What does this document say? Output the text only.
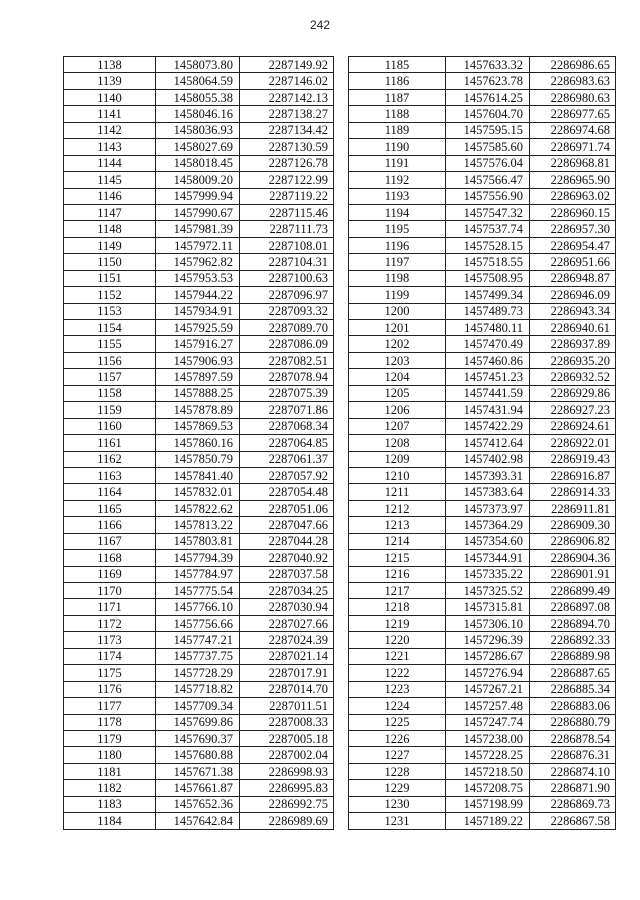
242
1138	1458073.80	2287149.92
1139	1458064.59	2287146.02
1140	1458055.38	2287142.13
1141	1458046.16	2287138.27
1142	1458036.93	2287134.42
1143	1458027.69	2287130.59
1144	1458018.45	2287126.78
1145	1458009.20	2287122.99
1146	1457999.94	2287119.22
1147	1457990.67	2287115.46
1148	1457981.39	2287111.73
1149	1457972.11	2287108.01
1150	1457962.82	2287104.31
1151	1457953.53	2287100.63
1152	1457944.22	2287096.97
1153	1457934.91	2287093.32
1154	1457925.59	2287089.70
1155	1457916.27	2287086.09
1156	1457906.93	2287082.51
1157	1457897.59	2287078.94
1158	1457888.25	2287075.39
1159	1457878.89	2287071.86
1160	1457869.53	2287068.34
1161	1457860.16	2287064.85
1162	1457850.79	2287061.37
1163	1457841.40	2287057.92
1164	1457832.01	2287054.48
1165	1457822.62	2287051.06
1166	1457813.22	2287047.66
1167	1457803.81	2287044.28
1168	1457794.39	2287040.92
1169	1457784.97	2287037.58
1170	1457775.54	2287034.25
1171	1457766.10	2287030.94
1172	1457756.66	2287027.66
1173	1457747.21	2287024.39
1174	1457737.75	2287021.14
1175	1457728.29	2287017.91
1176	1457718.82	2287014.70
1177	1457709.34	2287011.51
1178	1457699.86	2287008.33
1179	1457690.37	2287005.18
1180	1457680.88	2287002.04
1181	1457671.38	2286998.93
1182	1457661.87	2286995.83
1183	1457652.36	2286992.75
1184	1457642.84	2286989.69
1185	1457633.32	2286986.65
1186	1457623.78	2286983.63
1187	1457614.25	2286980.63
1188	1457604.70	2286977.65
1189	1457595.15	2286974.68
1190	1457585.60	2286971.74
1191	1457576.04	2286968.81
1192	1457566.47	2286965.90
1193	1457556.90	2286963.02
1194	1457547.32	2286960.15
1195	1457537.74	2286957.30
1196	1457528.15	2286954.47
1197	1457518.55	2286951.66
1198	1457508.95	2286948.87
1199	1457499.34	2286946.09
1200	1457489.73	2286943.34
1201	1457480.11	2286940.61
1202	1457470.49	2286937.89
1203	1457460.86	2286935.20
1204	1457451.23	2286932.52
1205	1457441.59	2286929.86
1206	1457431.94	2286927.23
1207	1457422.29	2286924.61
1208	1457412.64	2286922.01
1209	1457402.98	2286919.43
1210	1457393.31	2286916.87
1211	1457383.64	2286914.33
1212	1457373.97	2286911.81
1213	1457364.29	2286909.30
1214	1457354.60	2286906.82
1215	1457344.91	2286904.36
1216	1457335.22	2286901.91
1217	1457325.52	2286899.49
1218	1457315.81	2286897.08
1219	1457306.10	2286894.70
1220	1457296.39	2286892.33
1221	1457286.67	2286889.98
1222	1457276.94	2286887.65
1223	1457267.21	2286885.34
1224	1457257.48	2286883.06
1225	1457247.74	2286880.79
1226	1457238.00	2286878.54
1227	1457228.25	2286876.31
1228	1457218.50	2286874.10
1229	1457208.75	2286871.90
1230	1457198.99	2286869.73
1231	1457189.22	2286867.58
